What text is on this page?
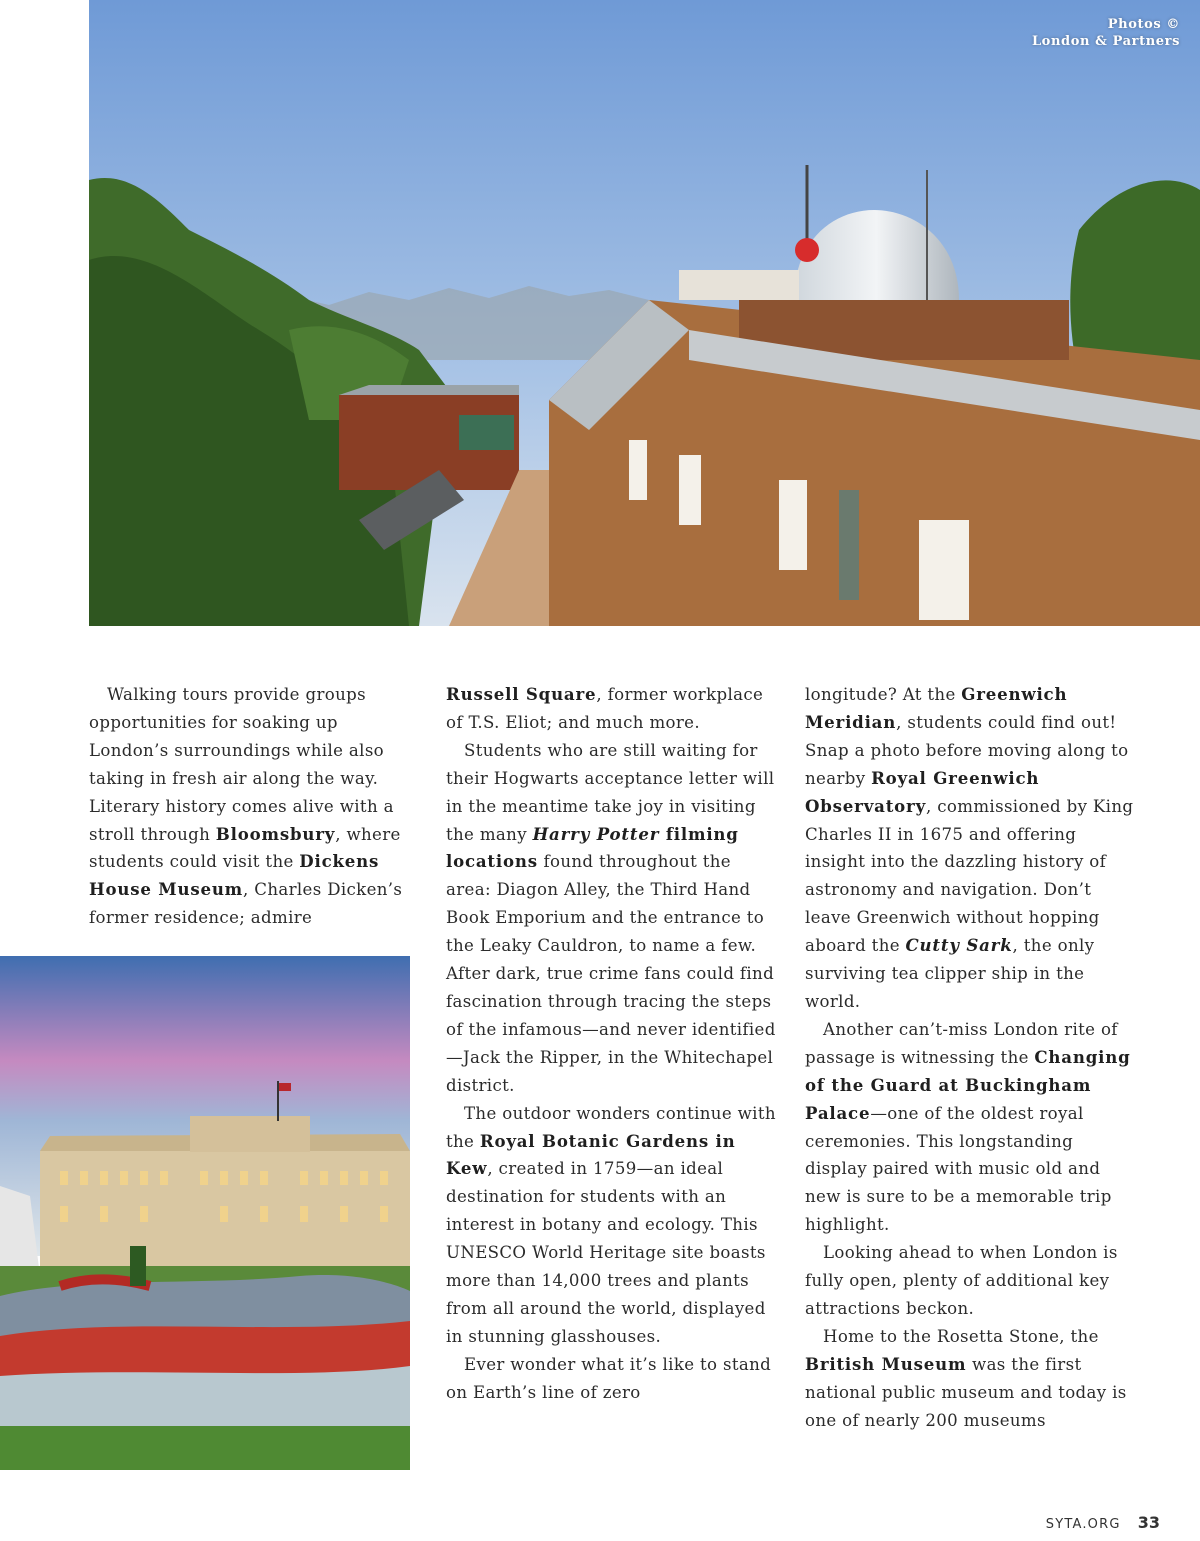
Photos ©
London & Partners

Walking tours provide groups opportunities for soaking up London’s surroundings while also taking in fresh air along the way. Literary history comes alive with a stroll through Bloomsbury, where students could visit the Dickens House Museum, Charles Dicken’s former residence; admire

Russell Square, former workplace of T.S. Eliot; and much more.

Students who are still waiting for their Hogwarts acceptance letter will in the meantime take joy in visiting the many Harry Potter filming locations found throughout the area: Diagon Alley, the Third Hand Book Emporium and the entrance to the Leaky Cauldron, to name a few. After dark, true crime fans could find fascination through tracing the steps of the infamous—and never identified—Jack the Ripper, in the Whitechapel district.

The outdoor wonders continue with the Royal Botanic Gardens in Kew, created in 1759—an ideal destination for students with an interest in botany and ecology. This UNESCO World Heritage site boasts more than 14,000 trees and plants from all around the world, displayed in stunning glasshouses.

Ever wonder what it’s like to stand on Earth’s line of zero

longitude? At the Greenwich Meridian, students could find out! Snap a photo before moving along to nearby Royal Greenwich Observatory, commissioned by King Charles II in 1675 and offering insight into the dazzling history of astronomy and navigation. Don’t leave Greenwich without hopping aboard the Cutty Sark, the only surviving tea clipper ship in the world.

Another can’t-miss London rite of passage is witnessing the Changing of the Guard at Buckingham Palace—one of the oldest royal ceremonies. This longstanding display paired with music old and new is sure to be a memorable trip highlight.

Looking ahead to when London is fully open, plenty of additional key attractions beckon.

Home to the Rosetta Stone, the British Museum was the first national public museum and today is one of nearly 200 museums

SYTA.ORG 33
